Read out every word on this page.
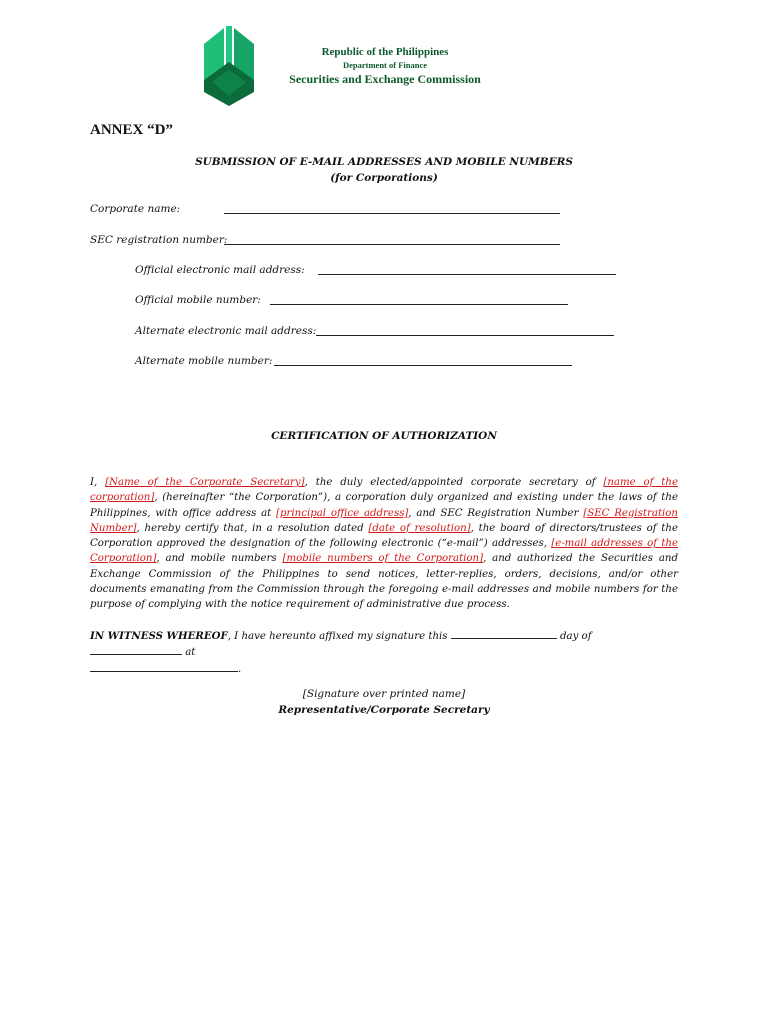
Republic of the Philippines
Department of Finance
Securities and Exchange Commission
ANNEX “D”
SUBMISSION OF E-MAIL ADDRESSES AND MOBILE NUMBERS
(for Corporations)
Corporate name:
SEC registration number:
Official electronic mail address:
Official mobile number:
Alternate electronic mail address:
Alternate mobile number:
CERTIFICATION OF AUTHORIZATION
I, [Name of the Corporate Secretary], the duly elected/appointed corporate secretary of [name of the corporation], (hereinafter “the Corporation”), a corporation duly organized and existing under the laws of the Philippines, with office address at [principal office address], and SEC Registration Number [SEC Registration Number], hereby certify that, in a resolution dated [date of resolution], the board of directors/trustees of the Corporation approved the designation of the following electronic (“e-mail”) addresses, [e-mail addresses of the Corporation], and mobile numbers [mobile numbers of the Corporation], and authorized the Securities and Exchange Commission of the Philippines to send notices, letter-replies, orders, decisions, and/or other documents emanating from the Commission through the foregoing e-mail addresses and mobile numbers for the purpose of complying with the notice requirement of administrative due process.
IN WITNESS WHEREOF, I have hereunto affixed my signature this	day of  at
.
[Signature over printed name]
Representative/Corporate Secretary
